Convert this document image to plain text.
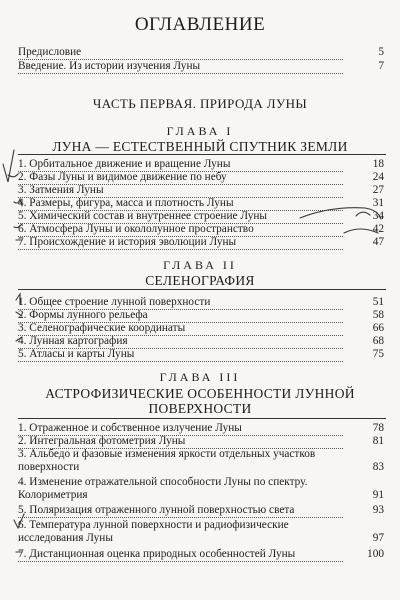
ОГЛАВЛЕНИЕ
Предисловие	5
Введение. Из истории изучения Луны	7
ЧАСТЬ ПЕРВАЯ. ПРИРОДА ЛУНЫ
ГЛАВА I
ЛУНА — ЕСТЕСТВЕННЫЙ СПУТНИК ЗЕМЛИ
1. Орбитальное движение и вращение Луны	18
2. Фазы Луны и видимое движение по небу	24
3. Затмения Луны	27
4. Размеры, фигура, масса и плотность Луны	31
5. Химический состав и внутреннее строение Луны	34
6. Атмосфера Луны и окололунное пространство	42
7. Происхождение и история эволюции Луны	47
ГЛАВА II
СЕЛЕНОГРАФИЯ
1. Общее строение лунной поверхности	51
2. Формы лунного рельефа	58
3. Селенографические координаты	66
4. Лунная картография	68
5. Атласы и карты Луны	75
ГЛАВА III
АСТРОФИЗИЧЕСКИЕ ОСОБЕННОСТИ ЛУННОЙ
ПОВЕРХНОСТИ
1. Отраженное и собственное излучение Луны	78
2. Интегральная фотометрия Луны	81
3. Альбедо и фазовые изменения яркости отдельных участков поверхности	83
4. Изменение отражательной способности Луны по спектру. Колориметрия	91
5. Поляризация отраженного лунной поверхностью света	93
6. Температура лунной поверхности и радиофизические исследования Луны	97
7. Дистанционная оценка природных особенностей Луны	100
